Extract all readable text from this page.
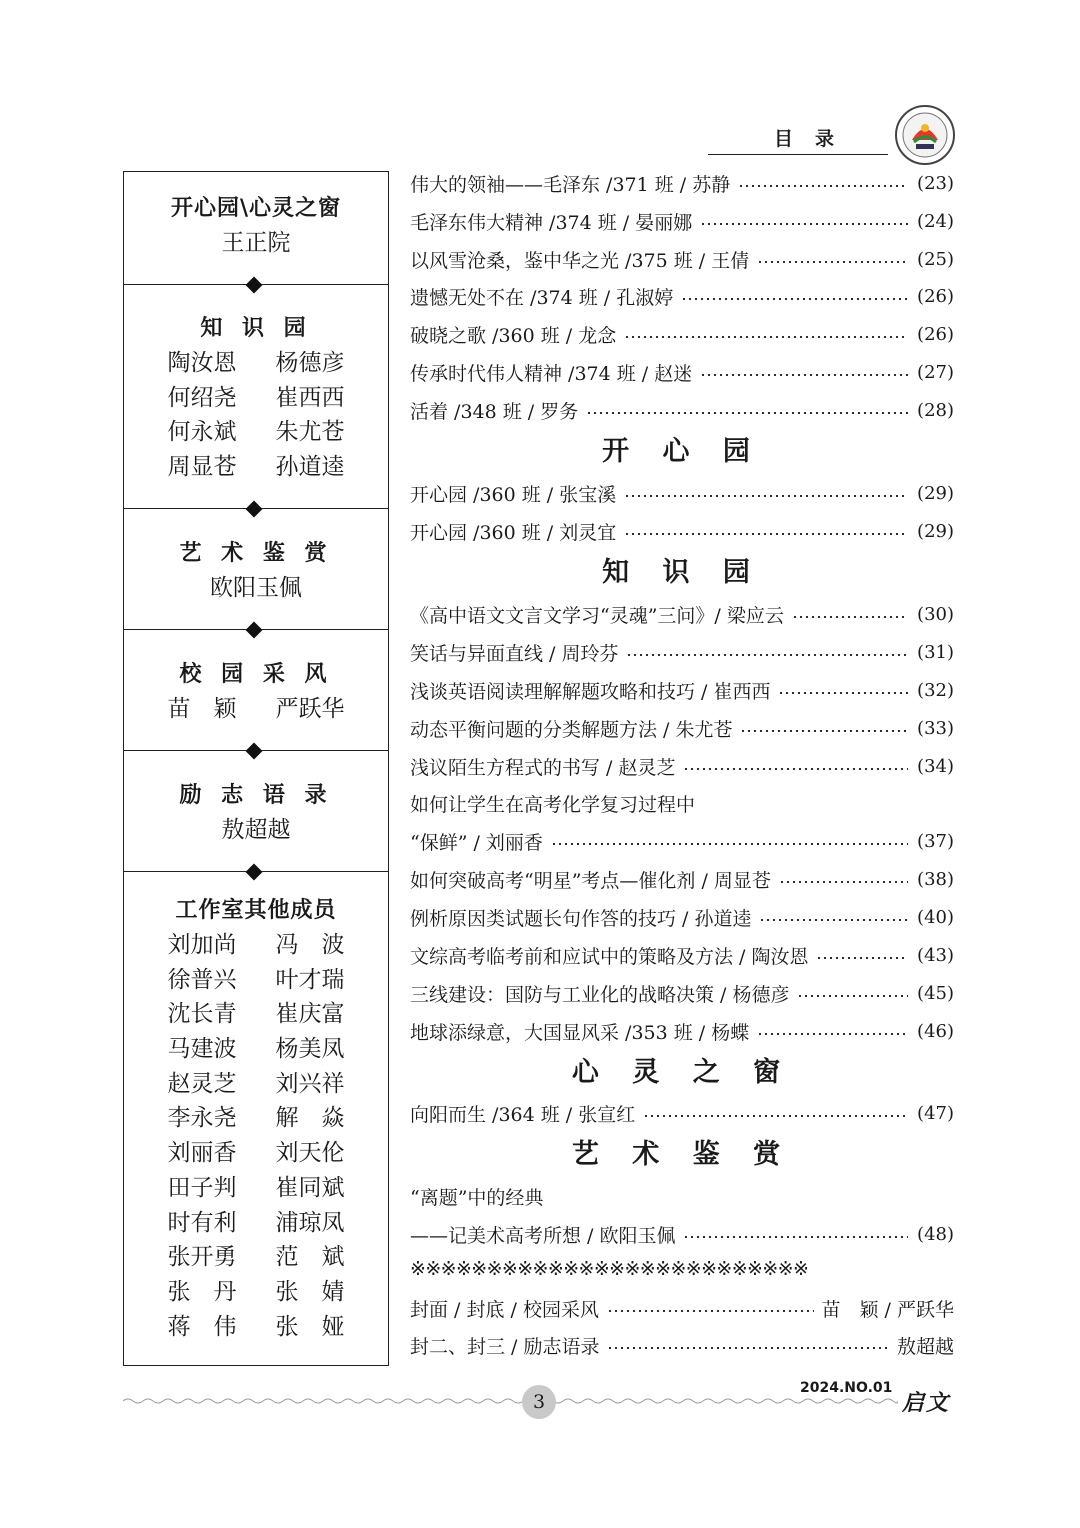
目录
开心园\心灵之窗
王正院
知 识 园
陶汝恩 杨德彦
何绍尧 崔西西
何永斌 朱尤苍
周显苍 孙道逵
艺 术 鉴 赏
欧阳玉佩
校 园 采 风
苗　颖 严跃华
励 志 语 录
敖超越
工作室其他成员
刘加尚 冯　波
徐普兴 叶才瑞
沈长青 崔庆富
马建波 杨美凤
赵灵芝 刘兴祥
李永尧 解　焱
刘丽香 刘天伦
田子判 崔同斌
时有利 浦琼凤
张开勇 范　斌
张　丹 张　婧
蒋　伟 张　娅
伟大的领袖——毛泽东 /371 班 / 苏静	(23)
毛泽东伟大精神 /374 班 / 晏丽娜	(24)
以风雪沧桑，鉴中华之光 /375 班 / 王倩	(25)
遗憾无处不在 /374 班 / 孔淑婷	(26)
破晓之歌 /360 班 / 龙念	(26)
传承时代伟人精神 /374 班 / 赵迷	(27)
活着 /348 班 / 罗务	(28)
开 心 园
开心园 /360 班 / 张宝溪	(29)
开心园 /360 班 / 刘灵宜	(29)
知 识 园
《高中语文文言文学习“灵魂”三问》/ 梁应云	(30)
笑话与异面直线 / 周玲芬	(31)
浅谈英语阅读理解解题攻略和技巧 / 崔西西	(32)
动态平衡问题的分类解题方法 / 朱尤苍	(33)
浅议陌生方程式的书写 / 赵灵芝	(34)
如何让学生在高考化学复习过程中
“保鲜” / 刘丽香	(37)
如何突破高考“明星”考点—催化剂 / 周显苍	(38)
例析原因类试题长句作答的技巧 / 孙道逵	(40)
文综高考临考前和应试中的策略及方法 / 陶汝恩	(43)
三线建设：国防与工业化的战略决策 / 杨德彦	(45)
地球添绿意，大国显风采 /353 班 / 杨蝶	(46)
心 灵 之 窗
向阳而生 /364 班 / 张宣红	(47)
艺 术 鉴 赏
“离题”中的经典
——记美术高考所想 / 欧阳玉佩	(48)
※※※※※※※※※※※※※※※※※※※※※※※※※※
封面 / 封底 / 校园采风	苗　颖 / 严跃华
封二、封三 / 励志语录	敖超越
3
2024.NO.01
启文
